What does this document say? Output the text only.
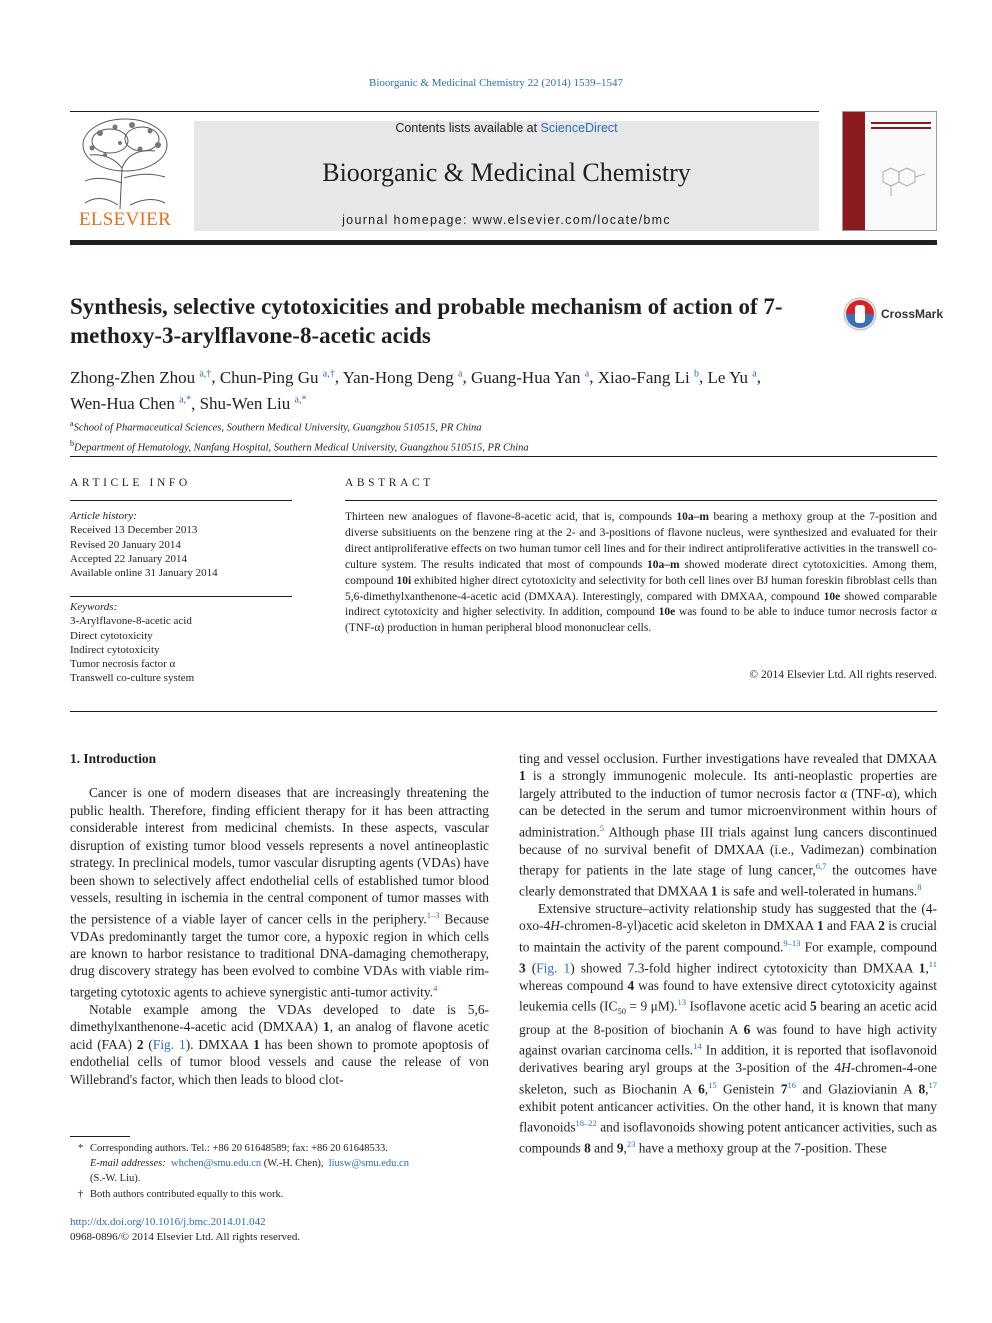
Bioorganic & Medicinal Chemistry 22 (2014) 1539–1547
ELSEVIER
Contents lists available at ScienceDirect
Bioorganic & Medicinal Chemistry
journal homepage: www.elsevier.com/locate/bmc
Synthesis, selective cytotoxicities and probable mechanism of action of 7-methoxy-3-arylflavone-8-acetic acids
CrossMark
Zhong-Zhen Zhou $^{a,\dagger}$, Chun-Ping Gu $^{a,\dagger}$, Yan-Hong Deng $^a$, Guang-Hua Yan $^a$, Xiao-Fang Li $^b$, Le Yu $^a$,
Wen-Hua Chen $^{a,*}$, Shu-Wen Liu $^{a,*}$
$^a$School of Pharmaceutical Sciences, Southern Medical University, Guangzhou 510515, PR China
$^b$Department of Hematology, Nanfang Hospital, Southern Medical University, Guangzhou 510515, PR China
ARTICLE INFO	ABSTRACT
Article history:
Received 13 December 2013
Revised 20 January 2014
Accepted 22 January 2014
Available online 31 January 2014
Keywords:
3-Arylflavone-8-acetic acid
Direct cytotoxicity
Indirect cytotoxicity
Tumor necrosis factor α
Transwell co-culture system
Thirteen new analogues of flavone-8-acetic acid, that is, compounds 10a–m bearing a methoxy group at the 7-position and diverse subsitiuents on the benzene ring at the 2- and 3-positions of flavone nucleus, were synthesized and evaluated for their direct antiproliferative effects on two human tumor cell lines and for their indirect antiproliferative activities in the transwell co-culture system. The results indicated that most of compounds 10a–m showed moderate direct cytotoxicities. Among them, compound 10i exhibited higher direct cytotoxicity and selectivity for both cell lines over BJ human foreskin fibroblast cells than 5,6-dimethylxanthenone-4-acetic acid (DMXAA). Interestingly, compared with DMXAA, compound 10e showed comparable indirect cytotoxicity and higher selectivity. In addition, compound 10e was found to be able to induce tumor necrosis factor α (TNF-α) production in human peripheral blood mononuclear cells.
© 2014 Elsevier Ltd. All rights reserved.
1. Introduction

Cancer is one of modern diseases that are increasingly threatening the public health. Therefore, finding efficient therapy for it has been attracting considerable interest from medicinal chemists. In these aspects, vascular disruption of existing tumor blood vessels represents a novel antineoplastic strategy. In preclinical models, tumor vascular disrupting agents (VDAs) have been shown to selectively affect endothelial cells of established tumor blood vessels, resulting in ischemia in the central component of tumor masses with the persistence of a viable layer of cancer cells in the periphery.$^{1-3}$ Because VDAs predominantly target the tumor core, a hypoxic region in which cells are known to harbor resistance to traditional DNA-damaging chemotherapy, drug discovery strategy has been evolved to combine VDAs with viable rim-targeting cytotoxic agents to achieve synergistic anti-tumor activity.$^4$

Notable example among the VDAs developed to date is 5,6-dimethylxanthenone-4-acetic acid (DMXAA) 1, an analog of flavone acetic acid (FAA) 2 (Fig. 1). DMXAA 1 has been shown to promote apoptosis of endothelial cells of tumor blood vessels and cause the release of von Willebrand's factor, which then leads to blood clot-

ting and vessel occlusion. Further investigations have revealed that DMXAA 1 is a strongly immunogenic molecule. Its anti-neoplastic properties are largely attributed to the induction of tumor necrosis factor α (TNF-α), which can be detected in the serum and tumor microenvironment within hours of administration.$^5$ Although phase III trials against lung cancers discontinued because of no survival benefit of DMXAA (i.e., Vadimezan) combination therapy for patients in the late stage of lung cancer,$^{6,7}$ the outcomes have clearly demonstrated that DMXAA 1 is safe and well-tolerated in humans.$^8$

Extensive structure–activity relationship study has suggested that the (4-oxo-4H-chromen-8-yl)acetic acid skeleton in DMXAA 1 and FAA 2 is crucial to maintain the activity of the parent compound.$^{9-13}$ For example, compound 3 (Fig. 1) showed 7.3-fold higher indirect cytotoxicity than DMXAA 1,11 whereas compound 4 was found to have extensive direct cytotoxicity against leukemia cells ($IC_{50} = 9$ μM).$^{13}$ Isoflavone acetic acid 5 bearing an acetic acid group at the 8-position of biochanin A 6 was found to have high activity against ovarian carcinoma cells.$^{14}$ In addition, it is reported that isoflavonoid derivatives bearing aryl groups at the 3-position of the 4H-chromen-4-one skeleton, such as Biochanin A 6,15 Genistein $7^{16}$ and Glaziovianin A 8,17 exhibit potent anticancer activities. On the other hand, it is known that many flavonoids$^{18-22}$ and isoflavonoids showing potent anticancer activities, such as compounds 8 and 9,23 have a methoxy group at the 7-position. These

* Corresponding authors. Tel.: +86 20 61648589; fax: +86 20 61648533.
E-mail addresses: whchen@smu.edu.cn (W.-H. Chen), liusw@smu.edu.cn
(S.-W. Liu).
† Both authors contributed equally to this work.
http://dx.doi.org/10.1016/j.bmc.2014.01.042
0968-0896/© 2014 Elsevier Ltd. All rights reserved.
